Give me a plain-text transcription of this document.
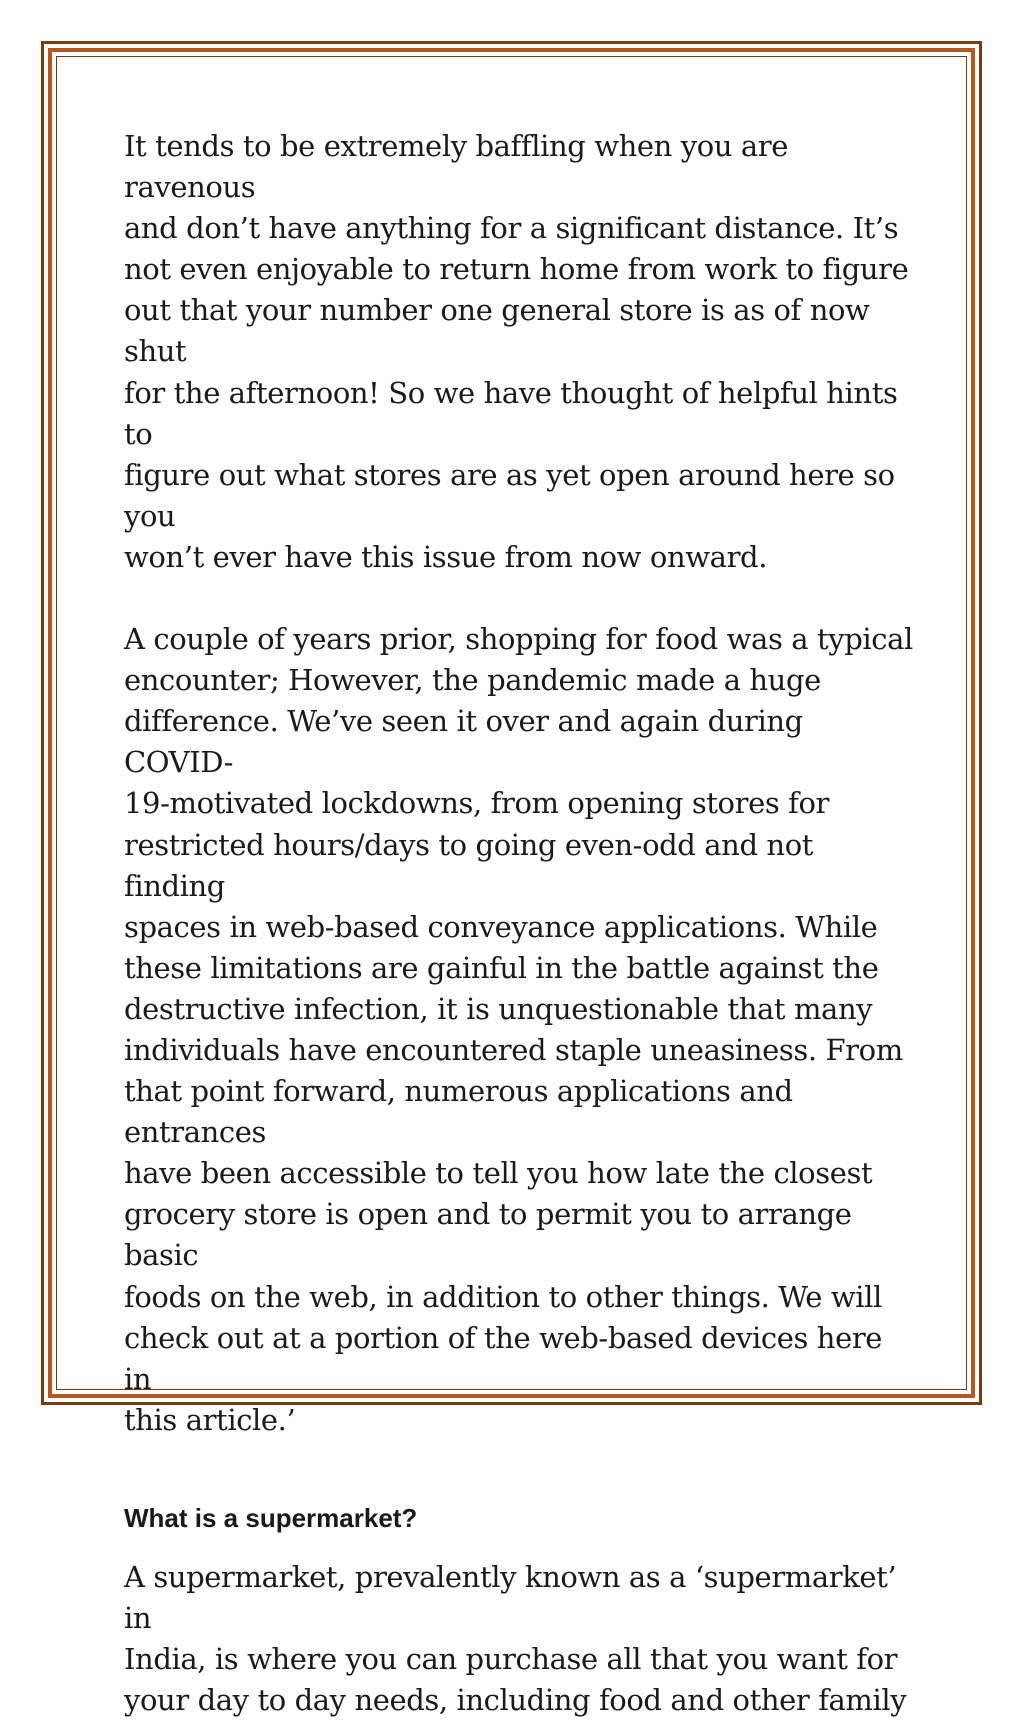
It tends to be extremely baffling when you are ravenous
and don’t have anything for a significant distance. It’s
not even enjoyable to return home from work to figure
out that your number one general store is as of now shut
for the afternoon! So we have thought of helpful hints to
figure out what stores are as yet open around here so you
won’t ever have this issue from now onward.

A couple of years prior, shopping for food was a typical
encounter; However, the pandemic made a huge
difference. We’ve seen it over and again during COVID-
19-motivated lockdowns, from opening stores for
restricted hours/days to going even-odd and not finding
spaces in web-based conveyance applications. While
these limitations are gainful in the battle against the
destructive infection, it is unquestionable that many
individuals have encountered staple uneasiness. From
that point forward, numerous applications and entrances
have been accessible to tell you how late the closest
grocery store is open and to permit you to arrange basic
foods on the web, in addition to other things. We will
check out at a portion of the web-based devices here in
this article.’

What is a supermarket?

A supermarket, prevalently known as a ‘supermarket’ in
India, is where you can purchase all that you want for
your day to day needs, including food and other family
